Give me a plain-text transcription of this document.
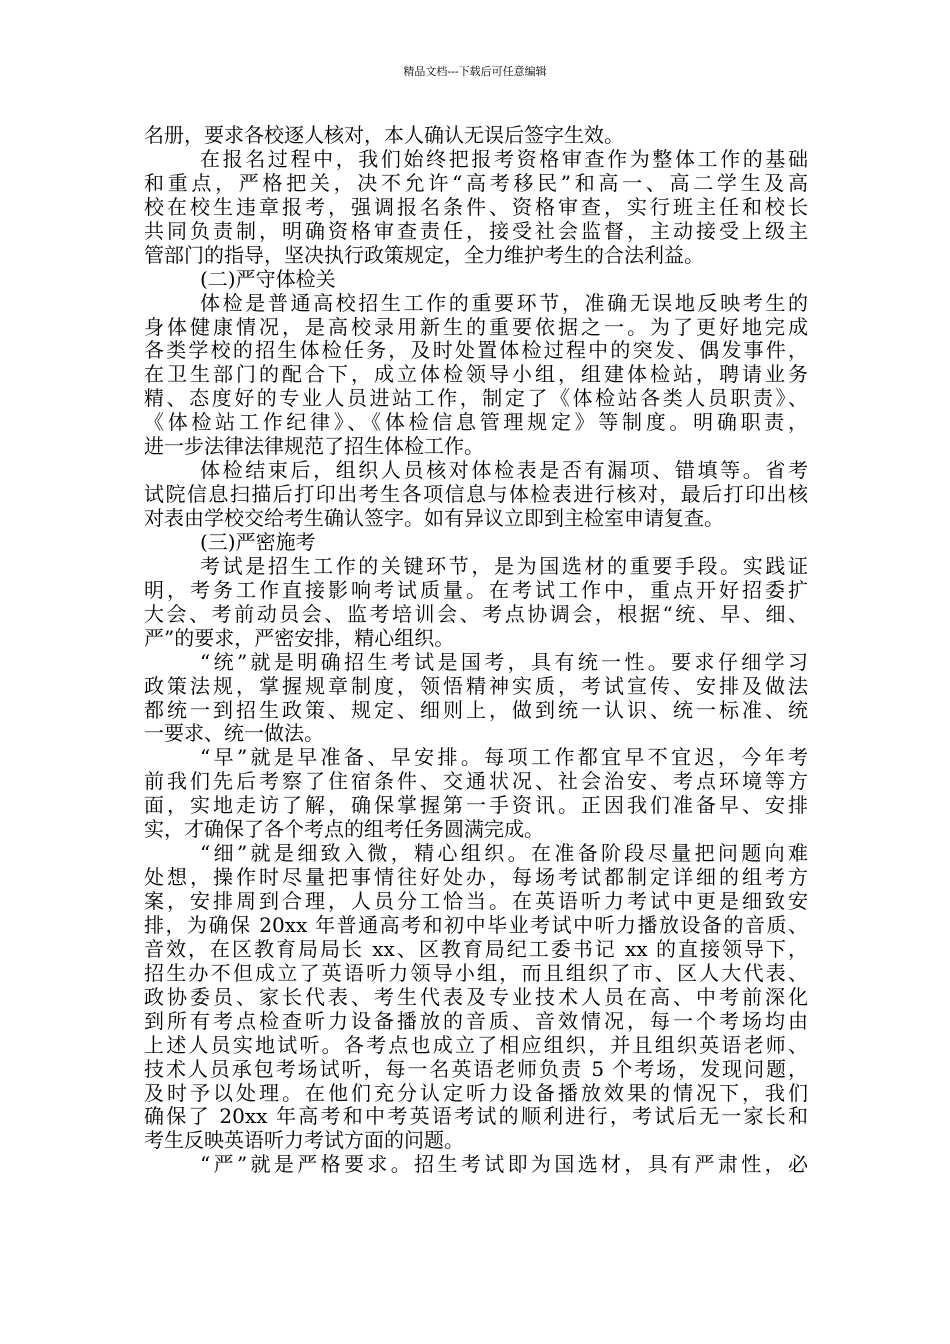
精品文档---下载后可任意编辑
名册，要求各校逐人核对，本人确认无误后签字生效。
在报名过程中，我们始终把报考资格审查作为整体工作的基础
和重点，严格把关，决不允许“高考移民”和高一、高二学生及高
校在校生违章报考，强调报名条件、资格审查，实行班主任和校长
共同负责制，明确资格审查责任，接受社会监督，主动接受上级主
管部门的指导，坚决执行政策规定，全力维护考生的合法利益。
(二)严守体检关
体检是普通高校招生工作的重要环节，准确无误地反映考生的
身体健康情况，是高校录用新生的重要依据之一。为了更好地完成
各类学校的招生体检任务，及时处置体检过程中的突发、偶发事件，
在卫生部门的配合下，成立体检领导小组，组建体检站，聘请业务
精、态度好的专业人员进站工作，制定了《体检站各类人员职责》、
《体检站工作纪律》、《体检信息管理规定》等制度。明确职责，
进一步法律法律规范了招生体检工作。
体检结束后，组织人员核对体检表是否有漏项、错填等。省考
试院信息扫描后打印出考生各项信息与体检表进行核对，最后打印出核
对表由学校交给考生确认签字。如有异议立即到主检室申请复查。
(三)严密施考
考试是招生工作的关键环节，是为国选材的重要手段。实践证
明，考务工作直接影响考试质量。在考试工作中，重点开好招委扩
大会、考前动员会、监考培训会、考点协调会，根据“统、早、细、
严”的要求，严密安排，精心组织。
“统”就是明确招生考试是国考，具有统一性。要求仔细学习
政策法规，掌握规章制度，领悟精神实质，考试宣传、安排及做法
都统一到招生政策、规定、细则上，做到统一认识、统一标准、统
一要求、统一做法。
“早”就是早准备、早安排。每项工作都宜早不宜迟，今年考
前我们先后考察了住宿条件、交通状况、社会治安、考点环境等方
面，实地走访了解，确保掌握第一手资讯。正因我们准备早、安排
实，才确保了各个考点的组考任务圆满完成。
“细”就是细致入微，精心组织。在准备阶段尽量把问题向难
处想，操作时尽量把事情往好处办，每场考试都制定详细的组考方
案，安排周到合理，人员分工恰当。在英语听力考试中更是细致安
排，为确保 20xx 年普通高考和初中毕业考试中听力播放设备的音质、
音效，在区教育局局长 xx、区教育局纪工委书记 xx 的直接领导下，
招生办不但成立了英语听力领导小组，而且组织了市、区人大代表、
政协委员、家长代表、考生代表及专业技术人员在高、中考前深化
到所有考点检查听力设备播放的音质、音效情况，每一个考场均由
上述人员实地试听。各考点也成立了相应组织，并且组织英语老师、
技术人员承包考场试听，每一名英语老师负责 5 个考场，发现问题，
及时予以处理。在他们充分认定听力设备播放效果的情况下，我们
确保了 20xx 年高考和中考英语考试的顺利进行，考试后无一家长和
考生反映英语听力考试方面的问题。
“严”就是严格要求。招生考试即为国选材，具有严肃性，必
